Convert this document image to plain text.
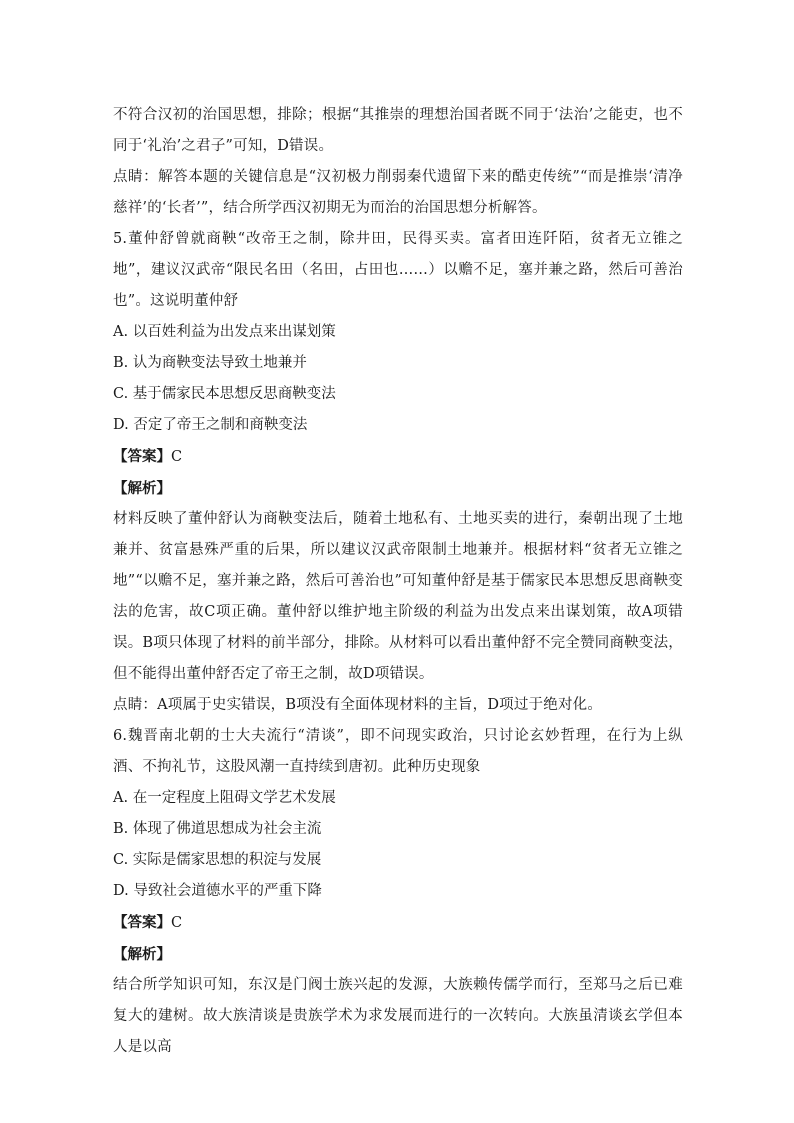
不符合汉初的治国思想，排除；根据“其推崇的理想治国者既不同于‘法治’之能吏，也不同于‘礼治’之君子”可知，D错误。

点睛：解答本题的关键信息是“汉初极力削弱秦代遗留下来的酷吏传统”“而是推崇‘清净慈祥’的‘长者’”，结合所学西汉初期无为而治的治国思想分析解答。

5.董仲舒曾就商鞅“改帝王之制，除井田，民得买卖。富者田连阡陌，贫者无立锥之地”，建议汉武帝“限民名田（名田，占田也……）以赡不足，塞并兼之路，然后可善治也”。这说明董仲舒

A. 以百姓利益为出发点来出谋划策

B. 认为商鞅变法导致土地兼并

C. 基于儒家民本思想反思商鞅变法

D. 否定了帝王之制和商鞅变法

【答案】C

【解析】

材料反映了董仲舒认为商鞅变法后，随着土地私有、土地买卖的进行，秦朝出现了土地兼并、贫富悬殊严重的后果，所以建议汉武帝限制土地兼并。根据材料“贫者无立锥之地”“以赡不足，塞并兼之路，然后可善治也”可知董仲舒是基于儒家民本思想反思商鞅变法的危害，故C项正确。董仲舒以维护地主阶级的利益为出发点来出谋划策，故A项错误。B项只体现了材料的前半部分，排除。从材料可以看出董仲舒不完全赞同商鞅变法，但不能得出董仲舒否定了帝王之制，故D项错误。

点睛：A项属于史实错误，B项没有全面体现材料的主旨，D项过于绝对化。

6.魏晋南北朝的士大夫流行“清谈”，即不问现实政治，只讨论玄妙哲理，在行为上纵酒、不拘礼节，这股风潮一直持续到唐初。此种历史现象

A. 在一定程度上阻碍文学艺术发展

B. 体现了佛道思想成为社会主流

C. 实际是儒家思想的积淀与发展

D. 导致社会道德水平的严重下降

【答案】C

【解析】

结合所学知识可知，东汉是门阀士族兴起的发源，大族赖传儒学而行，至郑马之后已难复大的建树。故大族清谈是贵族学术为求发展而进行的一次转向。大族虽清谈玄学但本人是以高
